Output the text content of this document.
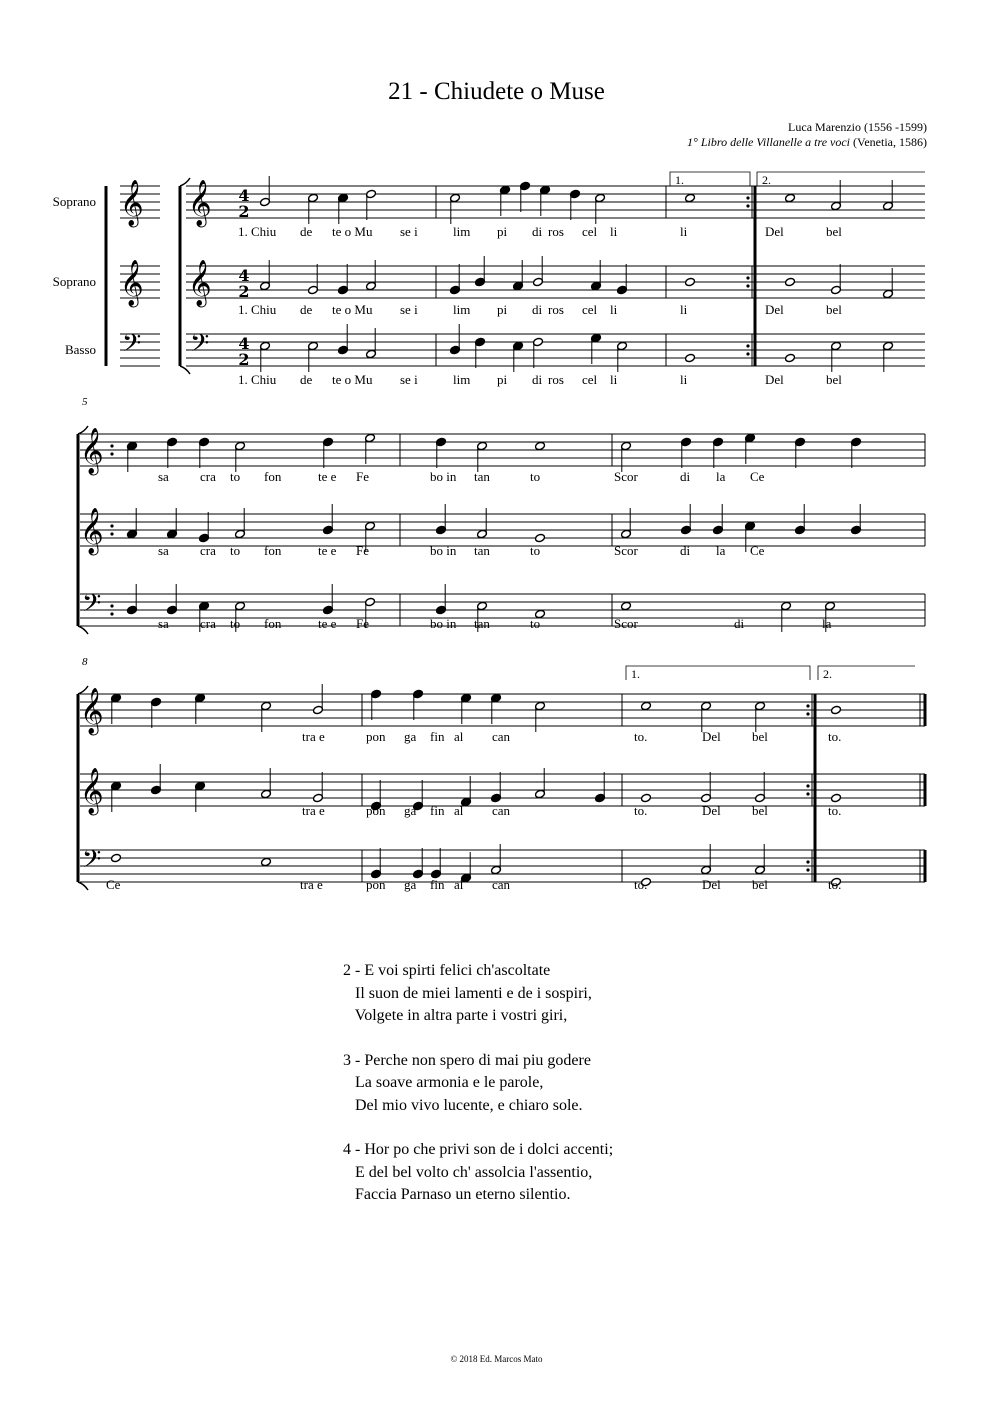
21 - Chiudete o Muse
Luca Marenzio (1556 -1599)
1° Libro delle Villanelle a tre voci (Venetia, 1586)
Soprano
Soprano
Basso
𝄞
𝄞
𝄢
𝄞 4
2
𝄞 4
2
𝄢 4
2
1.	2.
1. Chiu de te o Mu se i	lim pi di ros cel li	li	Del	bel
1. Chiu de te o Mu se i	lim pi di ros cel li	li	Del	bel
1. Chiu de te o Mu se i	lim pi di ros cel li	li	Del	bel
5
𝄞
𝄞
𝄢
sa cra to fon	te e Fe	bo in tan	to	Scor	di la Ce
sa cra to fon	te e Fe	bo in tan	to	Scor	di la Ce
sa cra to fon	te e Fe	bo in tan	to	Scor	di	la
8
𝄞
𝄞
𝄢
1.	2.
tra e	pon ga fin al can	to.	Del bel	to.
tra e	pon ga fin al can	to.	Del bel	to.
Ce	tra e	pon ga fin al can	to.	Del bel	to.
2 - E voi spirti felici ch'ascoltate
Il suon de miei lamenti e de i sospiri,
Volgete in altra parte i vostri giri,
3 - Perche non spero di mai piu godere
La soave armonia e le parole,
Del mio vivo lucente, e chiaro sole.
4 - Hor po che privi son de i dolci accenti;
E del bel volto ch' assolcia l'assentio,
Faccia Parnaso un eterno silentio.
© 2018 Ed. Marcos Mato
